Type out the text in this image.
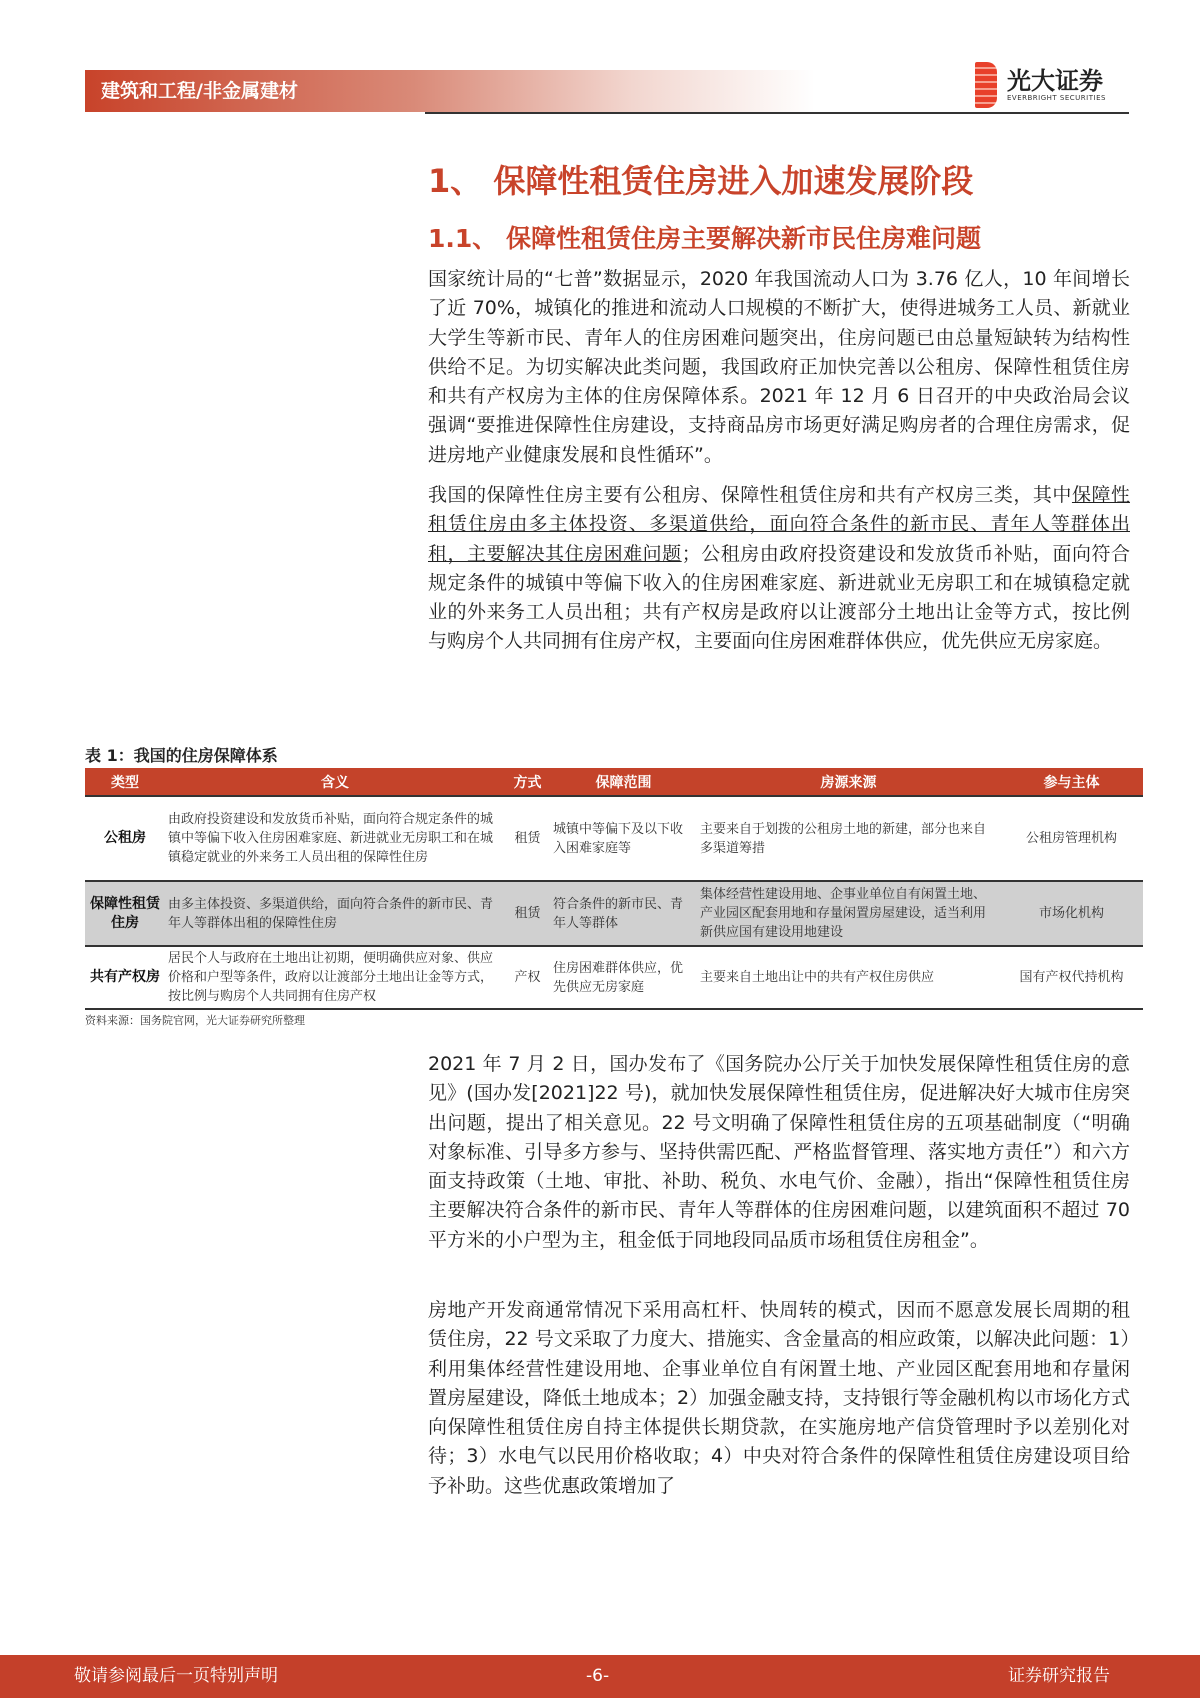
建筑和工程/非金属建材	光大证券
EVERBRIGHT SECURITIES
1、 保障性租赁住房进入加速发展阶段
1.1、 保障性租赁住房主要解决新市民住房难问题
国家统计局的“七普”数据显示，2020 年我国流动人口为 3.76 亿人，10 年间增长了近 70%，城镇化的推进和流动人口规模的不断扩大，使得进城务工人员、新就业大学生等新市民、青年人的住房困难问题突出，住房问题已由总量短缺转为结构性供给不足。为切实解决此类问题，我国政府正加快完善以公租房、保障性租赁住房和共有产权房为主体的住房保障体系。2021 年 12 月 6 日召开的中央政治局会议强调“要推进保障性住房建设，支持商品房市场更好满足购房者的合理住房需求，促进房地产业健康发展和良性循环”。
我国的保障性住房主要有公租房、保障性租赁住房和共有产权房三类，其中保障性租赁住房由多主体投资、多渠道供给，面向符合条件的新市民、青年人等群体出租，主要解决其住房困难问题；公租房由政府投资建设和发放货币补贴，面向符合规定条件的城镇中等偏下收入的住房困难家庭、新进就业无房职工和在城镇稳定就业的外来务工人员出租；共有产权房是政府以让渡部分土地出让金等方式，按比例与购房个人共同拥有住房产权，主要面向住房困难群体供应，优先供应无房家庭。
表 1：我国的住房保障体系
类型	含义	方式	保障范围	房源来源	参与主体
公租房	由政府投资建设和发放货币补贴，面向符合规定条件的城镇中等偏下收入住房困难家庭、新进就业无房职工和在城镇稳定就业的外来务工人员出租的保障性住房	租赁	城镇中等偏下及以下收入困难家庭等	主要来自于划拨的公租房土地的新建，部分也来自多渠道筹措	公租房管理机构
保障性租赁住房	由多主体投资、多渠道供给，面向符合条件的新市民、青年人等群体出租的保障性住房	租赁	符合条件的新市民、青年人等群体	集体经营性建设用地、企事业单位自有闲置土地、产业园区配套用地和存量闲置房屋建设，适当利用新供应国有建设用地建设	市场化机构
共有产权房	居民个人与政府在土地出让初期，便明确供应对象、供应价格和户型等条件，政府以让渡部分土地出让金等方式，按比例与购房个人共同拥有住房产权	产权	住房困难群体供应，优先供应无房家庭	主要来自土地出让中的共有产权住房供应	国有产权代持机构
资料来源：国务院官网，光大证券研究所整理
2021 年 7 月 2 日，国办发布了《国务院办公厅关于加快发展保障性租赁住房的意见》(国办发[2021]22 号)，就加快发展保障性租赁住房，促进解决好大城市住房突出问题，提出了相关意见。22 号文明确了保障性租赁住房的五项基础制度（“明确对象标准、引导多方参与、坚持供需匹配、严格监督管理、落实地方责任”）和六方面支持政策（土地、审批、补助、税负、水电气价、金融），指出“保障性租赁住房主要解决符合条件的新市民、青年人等群体的住房困难问题，以建筑面积不超过 70 平方米的小户型为主，租金低于同地段同品质市场租赁住房租金”。
房地产开发商通常情况下采用高杠杆、快周转的模式，因而不愿意发展长周期的租赁住房，22 号文采取了力度大、措施实、含金量高的相应政策，以解决此问题：1）利用集体经营性建设用地、企事业单位自有闲置土地、产业园区配套用地和存量闲置房屋建设，降低土地成本；2）加强金融支持，支持银行等金融机构以市场化方式向保障性租赁住房自持主体提供长期贷款，在实施房地产信贷管理时予以差别化对待；3）水电气以民用价格收取；4）中央对符合条件的保障性租赁住房建设项目给予补助。这些优惠政策增加了
敬请参阅最后一页特别声明	-6-	证券研究报告
